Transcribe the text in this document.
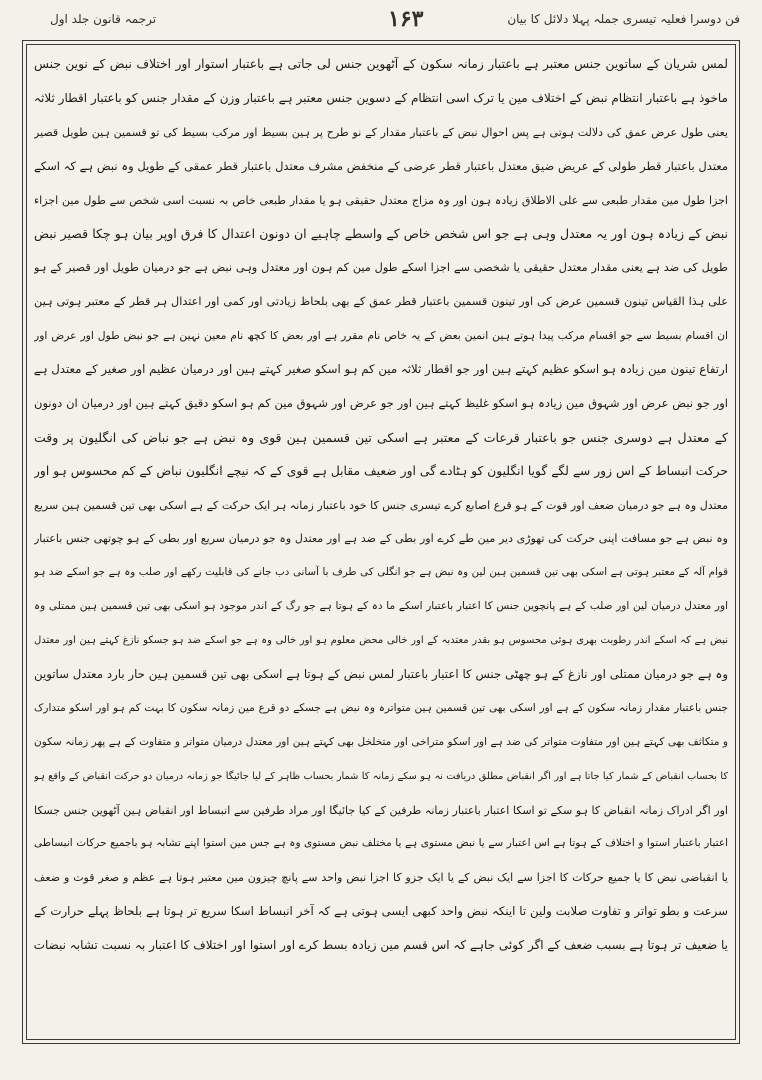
فن دوسرا فعلیہ تیسری جملہ پہلا دلائل کا بیان
۱۶۳
ترجمہ قانون جلد اول
لمس شریان کے ساتوین جنس معتبر ہے باعتبار زمانہ سکون کے آٹھوین جنس لی جاتی ہے باعتبار استوار اور اختلاف نبض کے نوین جنس
ماخوذ ہے باعتبار انتظام نبض کے اختلاف مین یا ترک اسی انتظام کے دسوین جنس معتبر ہے باعتبار وزن کے مقدار جنس کو باعتبار اقطار ثلاثہ
یعنی طول عرض عمق کی دلالت ہوتی ہے پس احوال نبض کے باعتبار مقدار کے نو طرح پر ہین بسیط اور مرکب بسیط کی تو قسمین ہین طویل قصیر
معتدل باعتبار قطر طولی کے عریض ضیق معتدل باعتبار قطر عرضی کے منخفض مشرف معتدل باعتبار قطر عمقی کے طویل وہ نبض ہے کہ اسکے
اجزا طول مین مقدار طبعی سے علی الاطلاق زیادہ ہون اور وہ مزاج معتدل حقیقی ہو یا مقدار طبعی خاص بہ نسبت اسی شخص سے طول مین اجزاء
نبض کے زیادہ ہون اور یہ معتدل وہی ہے جو اس شخص خاص کے واسطے چاہیے ان دونون اعتدال کا فرق اوپر بیان ہو چکا قصیر نبض
طویل کی ضد ہے یعنی مقدار معتدل حقیقی یا شخصی سے اجزا اسکے طول مین کم ہون اور معتدل وہی نبض ہے جو درمیان طویل اور قصیر کے ہو
علی ہذا القیاس تینون قسمین عرض کی اور تینون قسمین باعتبار قطر عمق کے بھی بلحاظ زیادتی اور کمی اور اعتدال ہر قطر کے معتبر ہوتی ہین
ان اقسام بسیط سے جو اقسام مرکب پیدا ہوتے ہین انمین بعض کے یہ خاص نام مقرر ہے اور بعض کا کچھ نام معین نہین ہے جو نبض طول اور عرض اور
ارتفاع تینون مین زیادہ ہو اسکو عظیم کہتے ہین اور جو اقطار ثلاثہ مین کم ہو اسکو صغیر کہتے ہین اور درمیان عظیم اور صغیر کے معتدل ہے
اور جو نبض عرض اور شہوق مین زیادہ ہو اسکو غلیظ کہتے ہین اور جو عرض اور شہوق مین کم ہو اسکو دقیق کہتے ہین اور درمیان ان دونون
کے معتدل ہے دوسری جنس جو باعتبار قرعات کے معتبر ہے اسکی تین قسمین ہین قوی وہ نبض ہے جو نباض کی انگلیون پر وقت
حرکت انبساط کے اس زور سے لگے گویا انگلیون کو ہٹادے گی اور ضعیف مقابل ہے قوی کے کہ نیچے انگلیون نباض کے کم محسوس ہو اور
معتدل وہ ہے جو درمیان ضعف اور قوت کے ہو قرع اصابع کرے تیسری جنس کا خود باعتبار زمانہ ہر ایک حرکت کے ہے اسکی بھی تین قسمین ہین سریع
وہ نبض ہے جو مسافت اپنی حرکت کی تھوڑی دیر مین طے کرے اور بطی کے ضد ہے اور معتدل وہ جو درمیان سریع اور بطی کے ہو چوتھی جنس باعتبار
قوام آلہ کے معتبر ہوتی ہے اسکی بھی تین قسمین ہین لین وہ نبض ہے جو انگلی کی طرف با آسانی دب جانے کی قابلیت رکھے اور صلب وہ ہے جو اسکے ضد ہو
اور معتدل درمیان لین اور صلب کے ہے پانچوین جنس کا اعتبار باعتبار اسکے ما دہ کے ہوتا ہے جو رگ کے اندر موجود ہو اسکی بھی تین قسمین ہین ممتلی وہ
نبض ہے کہ اسکے اندر رطوبت بھری ہوئی محسوس ہو بقدر معتدبہ کے اور خالی محض معلوم ہو اور خالی وہ ہے جو اسکے ضد ہو جسکو نازغ کہتے ہین اور معتدل
وہ ہے جو درمیان ممتلی اور نازغ کے ہو چھٹی جنس کا اعتبار باعتبار لمس نبض کے ہوتا ہے اسکی بھی تین قسمین ہین حار بارد معتدل ساتوین
جنس باعتبار مقدار زمانہ سکون کے ہے اور اسکی بھی تین قسمین ہین متواترہ وہ نبض ہے جسکے دو قرع مین زمانہ سکون کا بہت کم ہو اور اسکو متدارک
و متکاثف بھی کہتے ہین اور متفاوت متواتر کی ضد ہے اور اسکو متراخی اور متخلخل بھی کہتے ہین اور معتدل درمیان متواتر و متفاوت کے ہے پھر زمانہ سکون
کا بحساب انقباض کے شمار کیا جاتا ہے اور اگر انقباض مطلق دریافت نہ ہو سکے زمانہ کا شمار بحساب ظاہر کے لیا جائیگا جو زمانہ درمیان دو حرکت انقباض کے واقع ہو
اور اگر ادراک زمانہ انقباض کا ہو سکے تو اسکا اعتبار باعتبار زمانہ طرفین کے کیا جائیگا اور مراد طرفین سے انبساط اور انقباض ہین آٹھوین جنس جسکا
اعتبار باعتبار استوا و اختلاف کے ہوتا ہے اس اعتبار سے یا نبض مستوی ہے یا مختلف نبض مستوی وہ ہے جس مین استوا اپنے تشابہ ہو باجمیع حرکات انبساطی
یا انقباضی نبض کا یا جمیع حرکات کا اجزا سے ایک نبض کے یا ایک جزو کا اجزا نبض واحد سے پانچ چیزون مین معتبر ہوتا ہے عظم و صغر قوت و ضعف
سرعت و بطو تواتر و تفاوت صلابت ولین تا اینکہ نبض واحد کبھی ایسی ہوتی ہے کہ آخر انبساط اسکا سریع تر ہوتا ہے بلحاظ پہلے حرارت کے
یا ضعیف تر ہوتا ہے بسبب ضعف کے اگر کوئی جاہے کہ اس قسم مین زیادہ بسط کرے اور استوا اور اختلاف کا اعتبار بہ نسبت تشابہ نبضات
